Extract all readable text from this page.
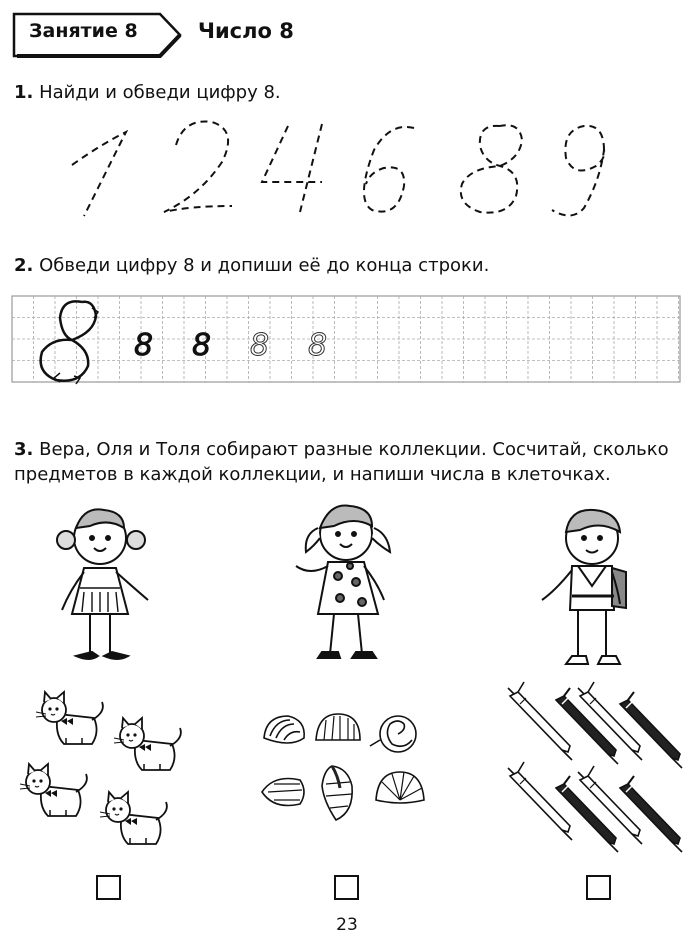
Занятие 8	Число 8
1. Найди и обведи цифру 8.
2. Обведи цифру 8 и допиши её до конца строки.
3. Вера, Оля и Толя собирают разные коллекции. Сосчитай, сколько предметов в каждой коллекции, и напиши числа в клеточках.
8 8 8 8
23
